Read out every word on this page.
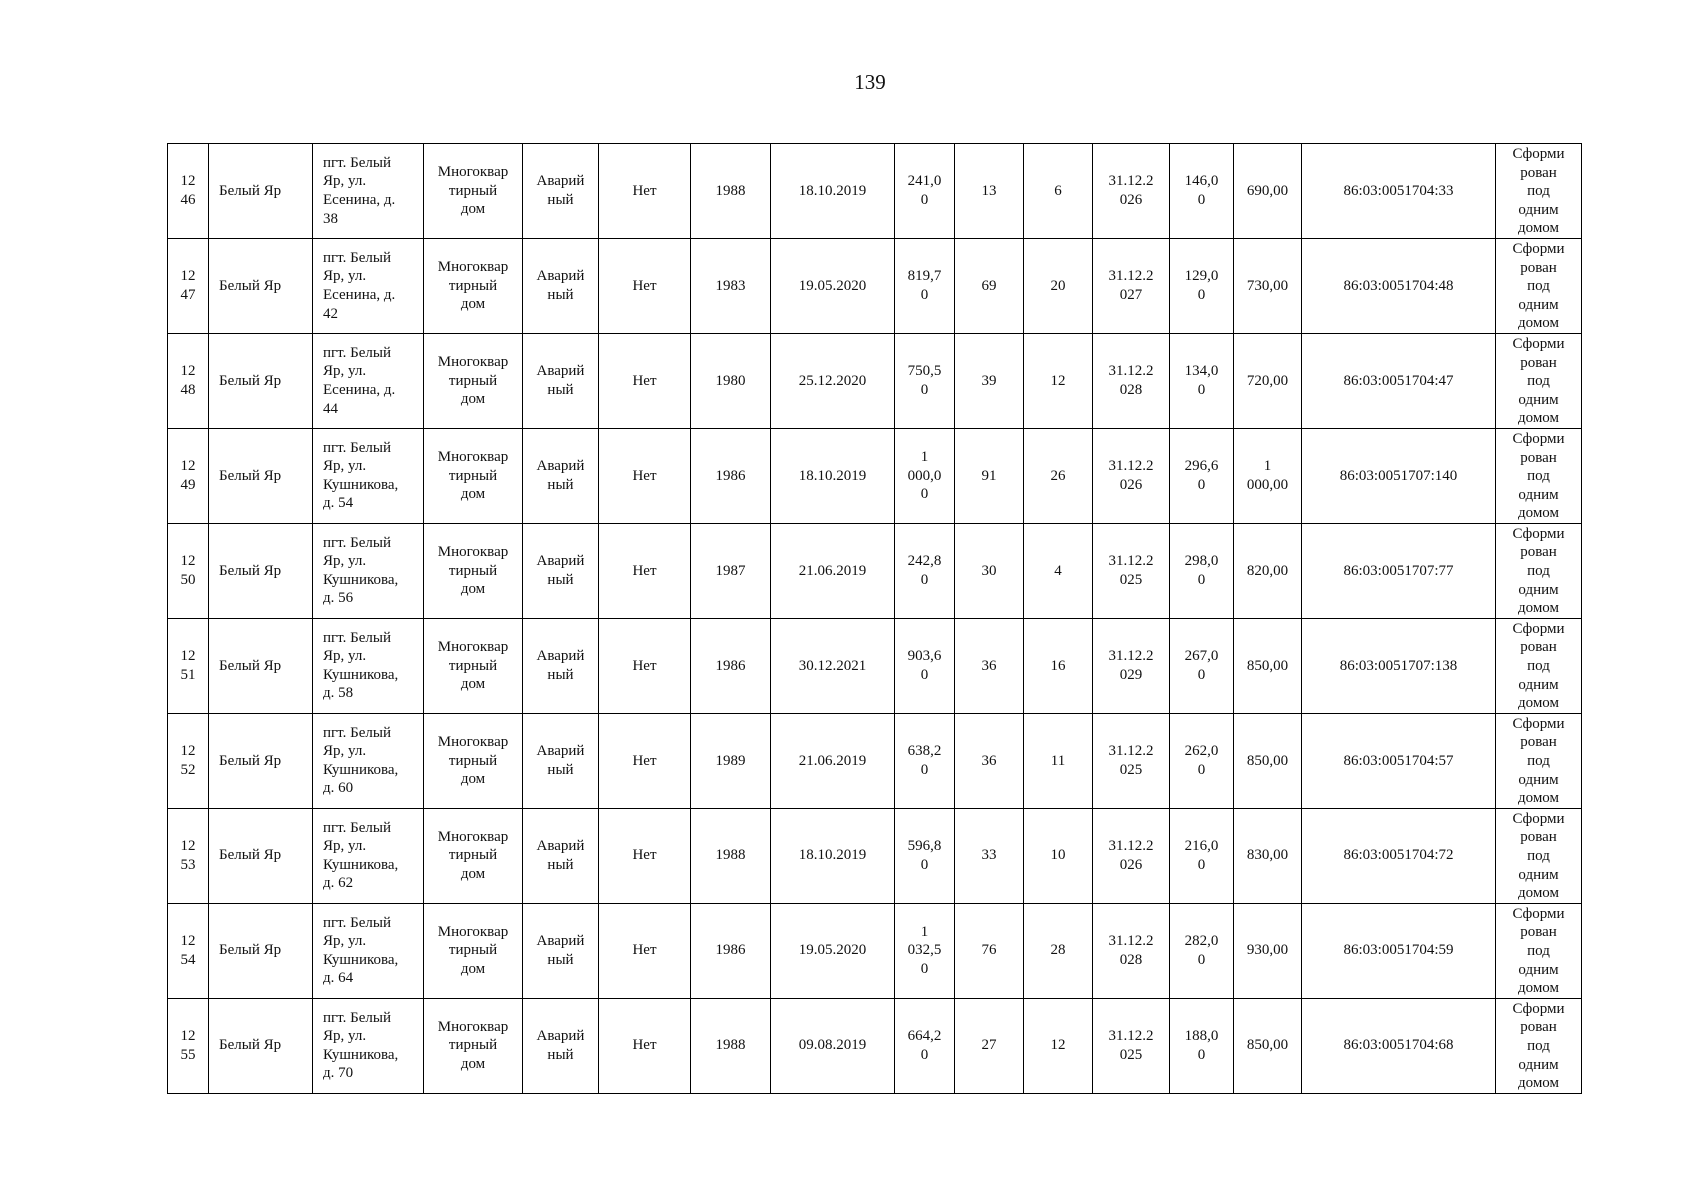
139
12
46	Белый Яр	пгт. Белый
Яр, ул.
Есенина, д.
38	Многоквар
тирный
дом	Аварий
ный	Нет	1988	18.10.2019	241,0
0	13	6	31.12.2
026	146,0
0	690,00	86:03:0051704:33	Сформи
рован
под
одним
домом
12
47	Белый Яр	пгт. Белый
Яр, ул.
Есенина, д.
42	Многоквар
тирный
дом	Аварий
ный	Нет	1983	19.05.2020	819,7
0	69	20	31.12.2
027	129,0
0	730,00	86:03:0051704:48	Сформи
рован
под
одним
домом
12
48	Белый Яр	пгт. Белый
Яр, ул.
Есенина, д.
44	Многоквар
тирный
дом	Аварий
ный	Нет	1980	25.12.2020	750,5
0	39	12	31.12.2
028	134,0
0	720,00	86:03:0051704:47	Сформи
рован
под
одним
домом
12
49	Белый Яр	пгт. Белый
Яр, ул.
Кушникова,
д. 54	Многоквар
тирный
дом	Аварий
ный	Нет	1986	18.10.2019	1
000,0
0	91	26	31.12.2
026	296,6
0	1
000,00	86:03:0051707:140	Сформи
рован
под
одним
домом
12
50	Белый Яр	пгт. Белый
Яр, ул.
Кушникова,
д. 56	Многоквар
тирный
дом	Аварий
ный	Нет	1987	21.06.2019	242,8
0	30	4	31.12.2
025	298,0
0	820,00	86:03:0051707:77	Сформи
рован
под
одним
домом
12
51	Белый Яр	пгт. Белый
Яр, ул.
Кушникова,
д. 58	Многоквар
тирный
дом	Аварий
ный	Нет	1986	30.12.2021	903,6
0	36	16	31.12.2
029	267,0
0	850,00	86:03:0051707:138	Сформи
рован
под
одним
домом
12
52	Белый Яр	пгт. Белый
Яр, ул.
Кушникова,
д. 60	Многоквар
тирный
дом	Аварий
ный	Нет	1989	21.06.2019	638,2
0	36	11	31.12.2
025	262,0
0	850,00	86:03:0051704:57	Сформи
рован
под
одним
домом
12
53	Белый Яр	пгт. Белый
Яр, ул.
Кушникова,
д. 62	Многоквар
тирный
дом	Аварий
ный	Нет	1988	18.10.2019	596,8
0	33	10	31.12.2
026	216,0
0	830,00	86:03:0051704:72	Сформи
рован
под
одним
домом
12
54	Белый Яр	пгт. Белый
Яр, ул.
Кушникова,
д. 64	Многоквар
тирный
дом	Аварий
ный	Нет	1986	19.05.2020	1
032,5
0	76	28	31.12.2
028	282,0
0	930,00	86:03:0051704:59	Сформи
рован
под
одним
домом
12
55	Белый Яр	пгт. Белый
Яр, ул.
Кушникова,
д. 70	Многоквар
тирный
дом	Аварий
ный	Нет	1988	09.08.2019	664,2
0	27	12	31.12.2
025	188,0
0	850,00	86:03:0051704:68	Сформи
рован
под
одним
домом
